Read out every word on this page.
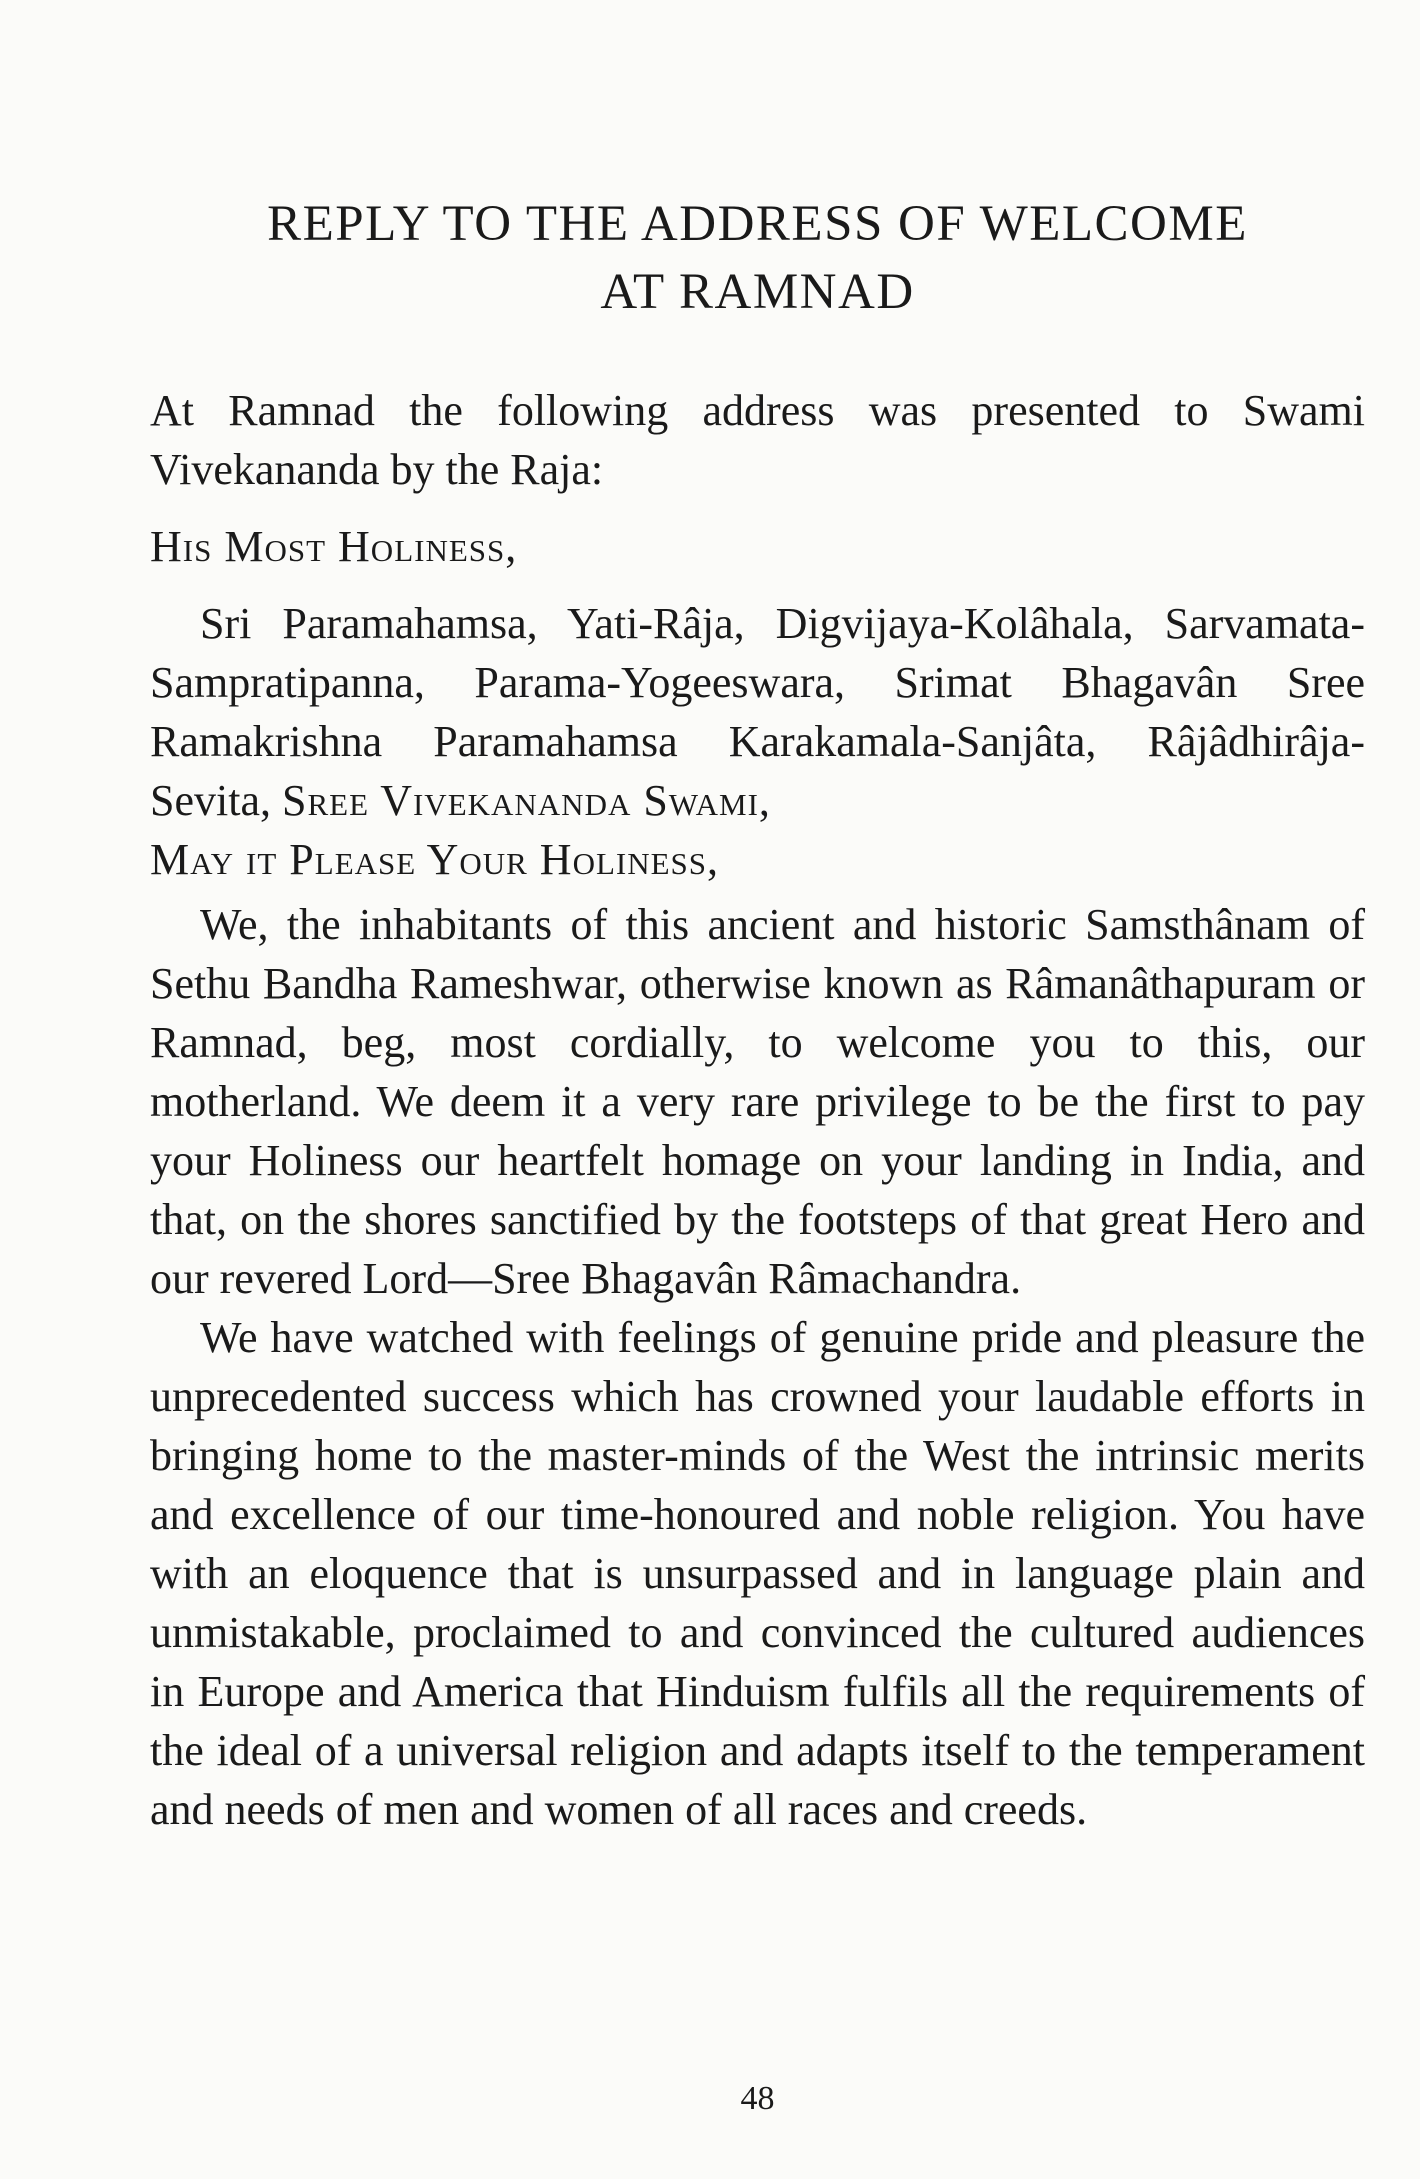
REPLY TO THE ADDRESS OF WELCOME
AT RAMNAD

At Ramnad the following address was presented to Swami Vivekananda by the Raja:

His Most Holiness,

Sri Paramahamsa, Yati-Râja, Digvijaya-Kolâhala, Sarvamata-Sampratipanna, Parama-Yogeeswara, Srimat Bhagavân Sree Ramakrishna Paramahamsa Karakamala-Sanjâta, Râjâdhirâja-Sevita, Sree Vivekananda Swami,

May it Please Your Holiness,

We, the inhabitants of this ancient and historic Samsthânam of Sethu Bandha Rameshwar, otherwise known as Râmanâthapuram or Ramnad, beg, most cordially, to welcome you to this, our motherland. We deem it a very rare privilege to be the first to pay your Holiness our heartfelt homage on your landing in India, and that, on the shores sanctified by the footsteps of that great Hero and our revered Lord—Sree Bhagavân Râmachandra.

We have watched with feelings of genuine pride and pleasure the unprecedented success which has crowned your laudable efforts in bringing home to the master-minds of the West the intrinsic merits and excellence of our time-honoured and noble religion. You have with an eloquence that is unsurpassed and in language plain and unmistakable, proclaimed to and convinced the cultured audiences in Europe and America that Hinduism fulfils all the requirements of the ideal of a universal religion and adapts itself to the temperament and needs of men and women of all races and creeds.

48
